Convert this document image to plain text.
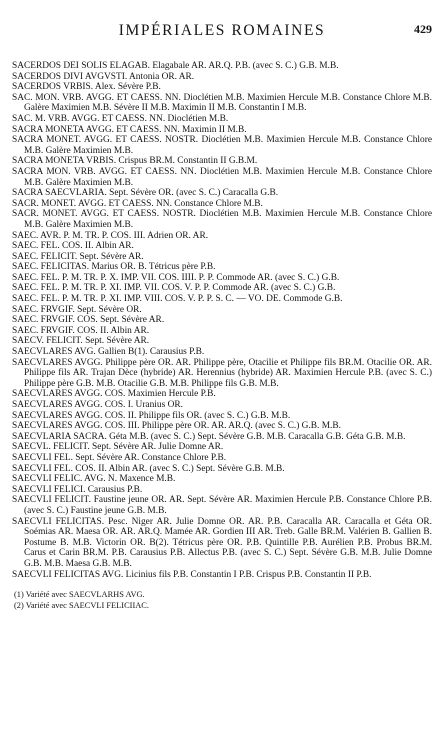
IMPÉRIALES ROMAINES	429
SACERDOS DEI SOLIS ELAGAB. Elagabale AR. AR.Q. P.B. (avec S. C.) G.B. M.B.
SACERDOS DIVI AVGVSTI. Antonia OR. AR.
SACERDOS VRBIS. Alex. Sévère P.B.
SAC. MON. VRB. AVGG. ET CAESS. NN. Dioclétien M.B. Maximien Hercule M.B. Constance Chlore M.B. Galère Maximien M.B. Sévère II M.B. Maximin II M.B. Constantin I M.B.
SAC. M. VRB. AVGG. ET CAESS. NN. Dioclétien M.B.
SACRA MONETA AVGG. ET CAESS. NN. Maximin II M.B.
SACRA MONET. AVGG. ET CAESS. NOSTR. Dioclétien M.B. Maximien Hercule M.B. Constance Chlore M.B. Galère Maximien M.B.
SACRA MONETA VRBIS. Crispus BR.M. Constantin II G.B.M.
SACRA MON. VRB. AVGG. ET CAESS. NN. Dioclétien M.B. Maximien Hercule M.B. Constance Chlore M.B. Galère Maximien M.B.
SACRA SAECVLARIA. Sept. Sévère OR. (avec S. C.) Caracalla G.B.
SACR. MONET. AVGG. ET CAESS. NN. Constance Chlore M.B.
SACR. MONET. AVGG. ET CAESS. NOSTR. Dioclétien M.B. Maximien Hercule M.B. Constance Chlore M.B. Galère Maximien M.B.
SAEC. AVR. P. M. TR. P. COS. III. Adrien OR. AR.
SAEC. FEL. COS. II. Albin AR.
SAEC. FELICIT. Sept. Sévère AR.
SAEC. FELICITAS. Marius OR. B. Tétricus père P.B.
SAEC. FEL. P. M. TR. P. X. IMP. VII. COS. IIII. P. P. Commode AR. (avec S. C.) G.B.
SAEC. FEL. P. M. TR. P. XI. IMP. VII. COS. V. P. P. Commode AR. (avec S. C.) G.B.
SAEC. FEL. P. M. TR. P. XI. IMP. VIII. COS. V. P. P. S. C. — VO. DE. Commode G.B.
SAEC. FRVGIF. Sept. Sévère OR.
SAEC. FRVGIF. COS. Sept. Sévère AR.
SAEC. FRVGIF. COS. II. Albin AR.
SAECV. FELICIT. Sept. Sévère AR.
SAECVLARES AVG. Gallien B(1). Carausius P.B.
SAECVLARES AVGG. Philippe père OR. AR. Philippe père, Otacilie et Philippe fils BR.M. Otacilie OR. AR. Philippe fils AR. Trajan Dèce (hybride) AR. Herennius (hybride) AR. Maximien Hercule P.B. (avec S. C.) Philippe père G.B. M.B. Otacilie G.B. M.B. Philippe fils G.B. M.B.
SAECVLARES AVGG. COS. Maximien Hercule P.B.
SAECVLARES AVGG. COS. I. Uranius OR.
SAECVLARES AVGG. COS. II. Philippe fils OR. (avec S. C.) G.B. M.B.
SAECVLARES AVGG. COS. III. Philippe père OR. AR. AR.Q. (avec S. C.) G.B. M.B.
SAECVLARIA SACRA. Géta M.B. (avec S. C.) Sept. Sévère G.B. M.B. Caracalla G.B. Géta G.B. M.B.
SAECVL. FELICIT. Sept. Sévère AR. Julie Domne AR.
SAECVLI FEL. Sept. Sévère AR. Constance Chlore P.B.
SAECVLI FEL. COS. II. Albin AR. (avec S. C.) Sept. Sévère G.B. M.B.
SAECVLI FELIC. AVG. N. Maxence M.B.
SAECVLI FELICI. Carausius P.B.
SAECVLI FELICIT. Faustine jeune OR. AR. Sept. Sévère AR. Maximien Hercule P.B. Constance Chlore P.B. (avec S. C.) Faustine jeune G.B. M.B.
SAECVLI FELICITAS. Pesc. Niger AR. Julie Domne OR. AR. P.B. Caracalla AR. Caracalla et Géta OR. Soémias AR. Maesa OR. AR. AR.Q. Mamée AR. Gordien III AR. Treb. Galle BR.M. Valérien B. Gallien B. Postume B. M.B. Victorin OR. B(2). Tétricus père OR. P.B. Quintille P.B. Aurélien P.B. Probus BR.M. Carus et Carin BR.M. P.B. Carausius P.B. Allectus P.B. (avec S. C.) Sept. Sévère G.B. M.B. Julie Domne G.B. M.B. Maesa G.B. M.B.
SAECVLI FELICITAS AVG. Licinius fils P.B. Constantin I P.B. Crispus P.B. Constantin II P.B.
(1) Variété avec SAECVLARHS AVG.
(2) Variété avec SAECVLI FELICIIAC.
